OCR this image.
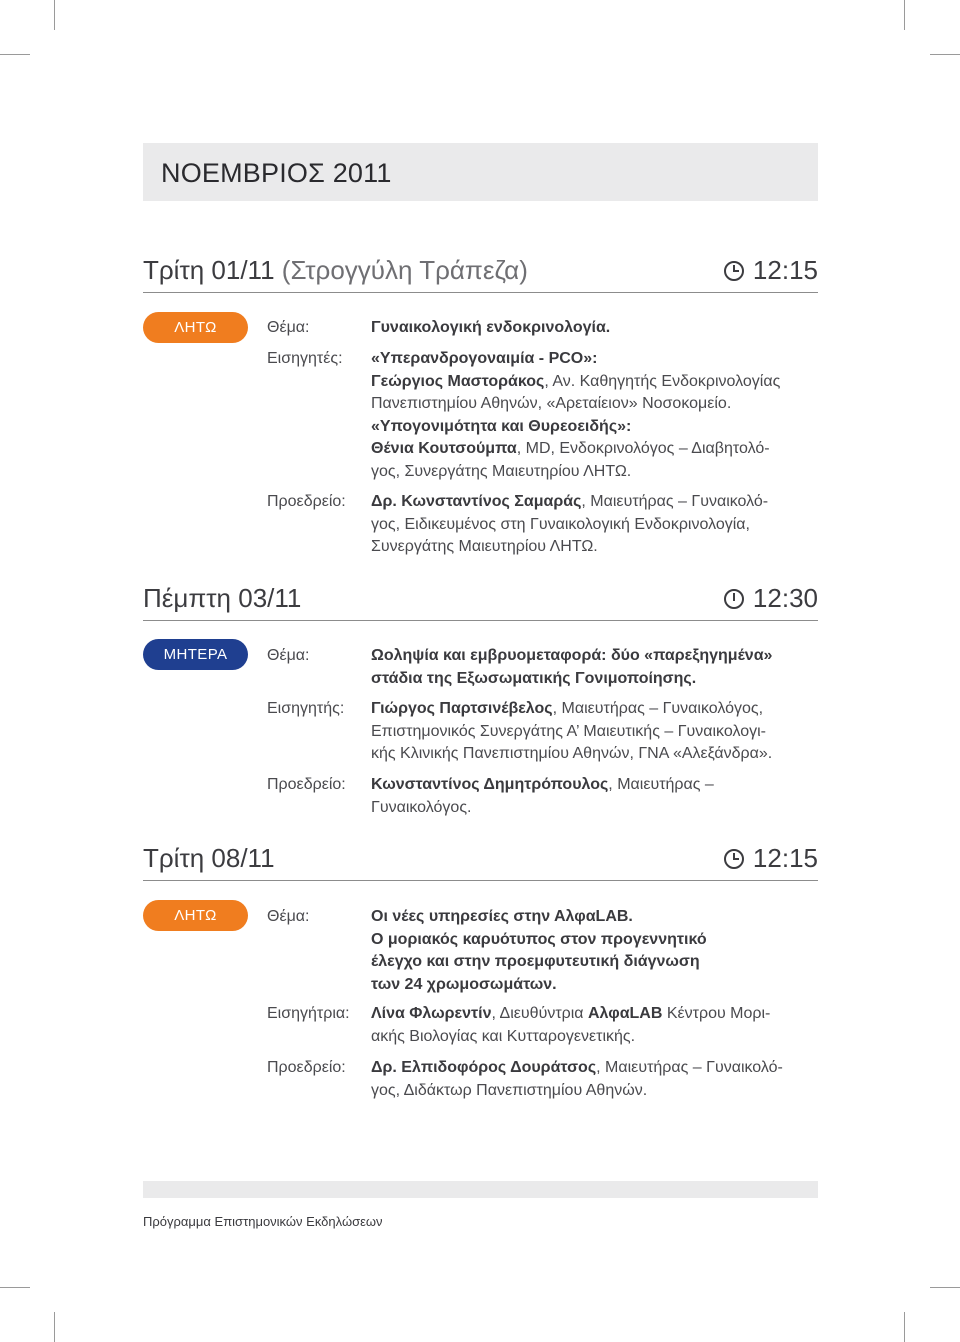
ΝΟΕΜΒΡΙΟΣ 2011
Τρίτη 01/11 (Στρογγύλη Τράπεζα)	12:15
ΛΗΤΩ	Θέμα:	Γυναικολογική ενδοκρινολογία.
Εισηγητές: «Υπερανδρογοναιμία - PCO»:
Γεώργιος Μαστοράκος, Αν. Καθηγητής Ενδοκρινολογίας
Πανεπιστημίου Αθηνών, «Αρεταίειον» Νοσοκομείο.
«Υπογονιμότητα και Θυρεοειδής»:
Θένια Κουτσούμπα, MD, Ενδοκρινολόγος – Διαβητολό-
γος, Συνεργάτης Μαιευτηρίου ΛΗΤΩ.
Προεδρείο: Δρ. Κωνσταντίνος Σαμαράς, Μαιευτήρας – Γυναικολό-
γος, Ειδικευμένος στη Γυναικολογική Ενδοκρινολογία,
Συνεργάτης Μαιευτηρίου ΛΗΤΩ.
Πέμπτη 03/11	12:30
ΜΗΤΕΡΑ	Θέμα:	Ωοληψία και εμβρυομεταφορά: δύο «παρεξηγημένα»
στάδια της Εξωσωματικής Γονιμοποίησης.
Εισηγητής: Γιώργος Παρτσινέβελος, Μαιευτήρας – Γυναικολόγος,
Επιστημονικός Συνεργάτης Α’ Μαιευτικής – Γυναικολογι-
κής Κλινικής Πανεπιστημίου Αθηνών, ΓΝΑ «Αλεξάνδρα».
Προεδρείο: Κωνσταντίνος Δημητρόπουλος, Μαιευτήρας –
Γυναικολόγος.
Τρίτη 08/11	12:15
ΛΗΤΩ	Θέμα:	Οι νέες υπηρεσίες στην ΑλφαLAB.
Ο μοριακός καρυότυπος στον προγεννητικό
έλεγχο και στην προεμφυτευτική διάγνωση
των 24 χρωμοσωμάτων.
Εισηγήτρια: Λίνα Φλωρεντίν, Διευθύντρια ΑλφαLAB Κέντρου Μορι-
ακής Βιολογίας και Κυτταρογενετικής.
Προεδρείο: Δρ. Ελπιδοφόρος Δουράτσος, Μαιευτήρας – Γυναικολό-
γος, Διδάκτωρ Πανεπιστημίου Αθηνών.
Πρόγραμμα Επιστημονικών Εκδηλώσεων
